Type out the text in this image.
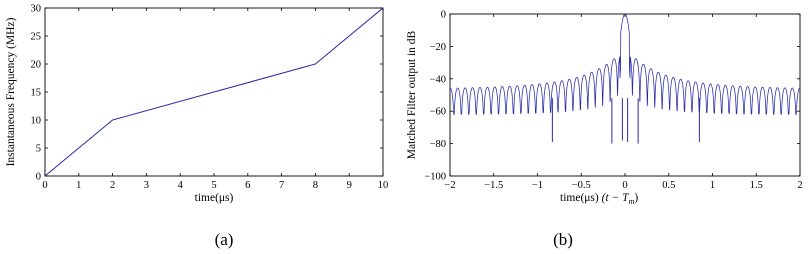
0	1	2	3	4	5	6	7	8	9 10
0
5
10
15
20
25
30
time(μs)
Instantaneous Frequency (MHz)
(a)
−2	−1.5	−1	−0.5	0	0.5	1	1.5	2
−100
−80
−60
−40
−20
0
time(μs) $(t - T_m)$
Matched Filter output in dB
(b)
